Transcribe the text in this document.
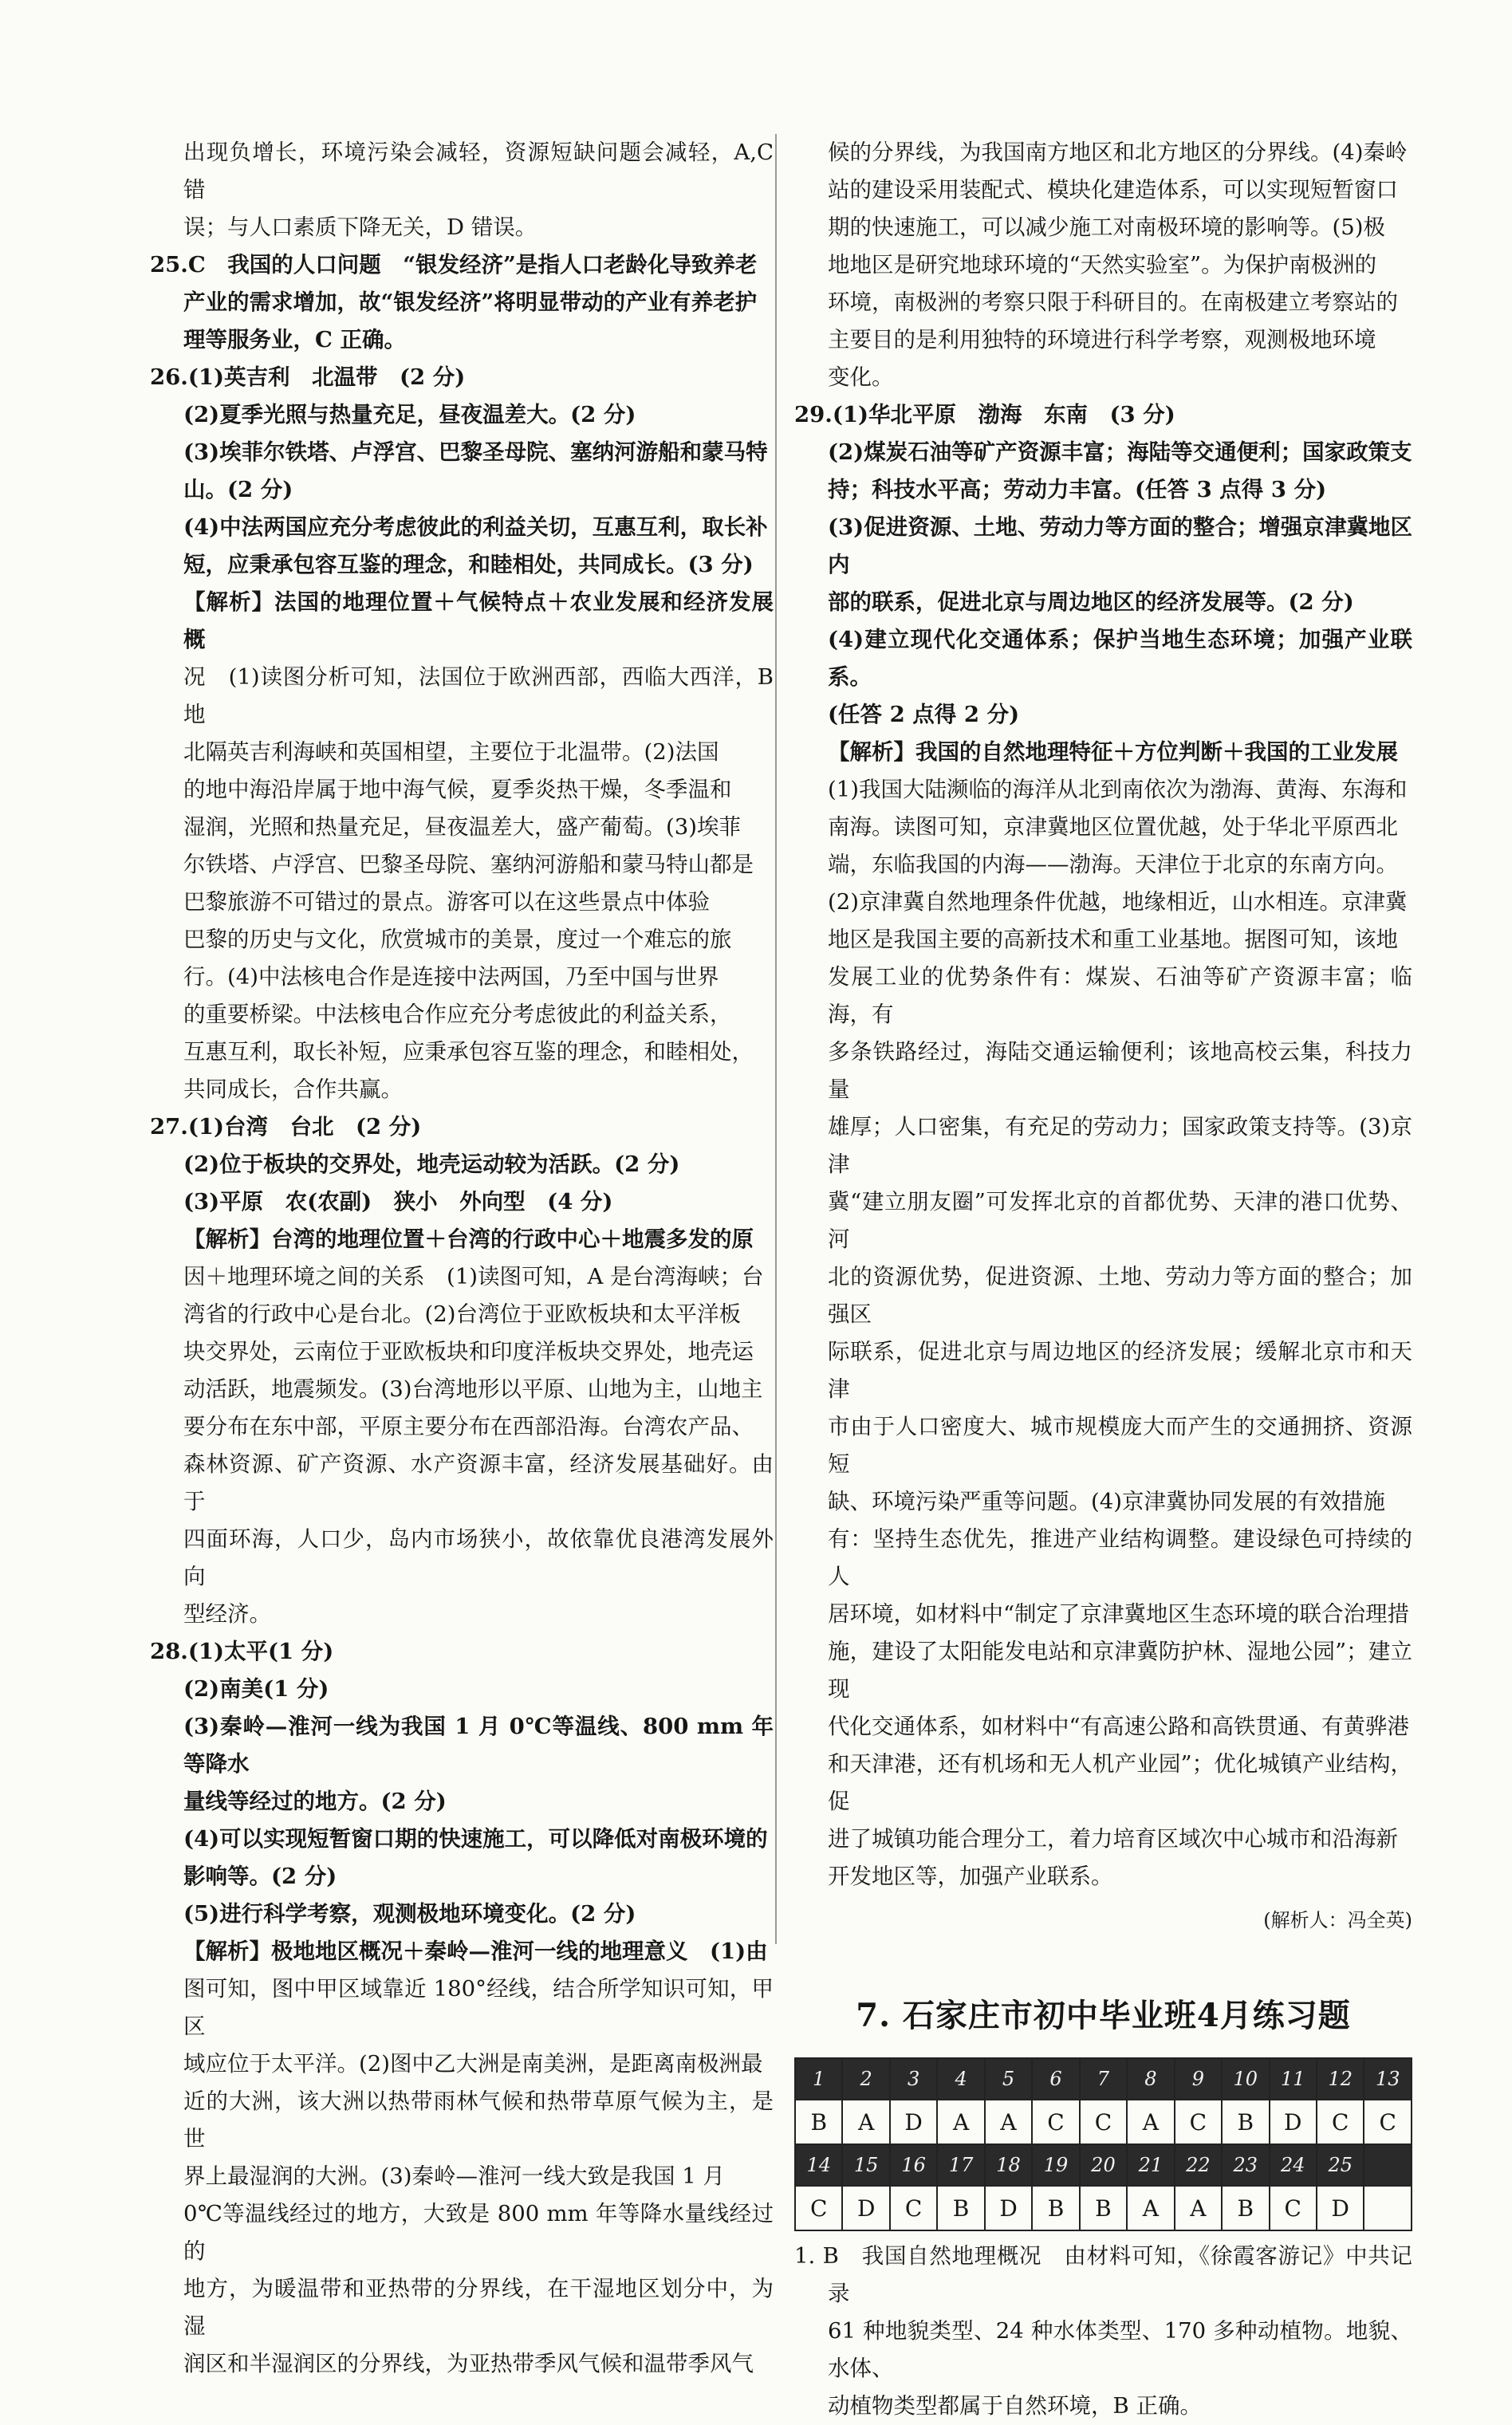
出现负增长，环境污染会减轻，资源短缺问题会减轻，A,C 错

误；与人口素质下降无关，D 错误。

25.C　我国的人口问题　“银发经济”是指人口老龄化导致养老

产业的需求增加，故“银发经济”将明显带动的产业有养老护

理等服务业，C 正确。

26.(1)英吉利　北温带　(2 分)

(2)夏季光照与热量充足，昼夜温差大。(2 分)

(3)埃菲尔铁塔、卢浮宫、巴黎圣母院、塞纳河游船和蒙马特

山。(2 分)

(4)中法两国应充分考虑彼此的利益关切，互惠互利，取长补

短，应秉承包容互鉴的理念，和睦相处，共同成长。(3 分)

【解析】法国的地理位置＋气候特点＋农业发展和经济发展概

况　(1)读图分析可知，法国位于欧洲西部，西临大西洋，B 地

北隔英吉利海峡和英国相望，主要位于北温带。(2)法国

的地中海沿岸属于地中海气候，夏季炎热干燥，冬季温和

湿润，光照和热量充足，昼夜温差大，盛产葡萄。(3)埃菲

尔铁塔、卢浮宫、巴黎圣母院、塞纳河游船和蒙马特山都是

巴黎旅游不可错过的景点。游客可以在这些景点中体验

巴黎的历史与文化，欣赏城市的美景，度过一个难忘的旅

行。(4)中法核电合作是连接中法两国，乃至中国与世界

的重要桥梁。中法核电合作应充分考虑彼此的利益关系，

互惠互利，取长补短，应秉承包容互鉴的理念，和睦相处，

共同成长，合作共赢。

27.(1)台湾　台北　(2 分)

(2)位于板块的交界处，地壳运动较为活跃。(2 分)

(3)平原　农(农副)　狭小　外向型　(4 分)

【解析】台湾的地理位置＋台湾的行政中心＋地震多发的原

因＋地理环境之间的关系　(1)读图可知，A 是台湾海峡；台

湾省的行政中心是台北。(2)台湾位于亚欧板块和太平洋板

块交界处，云南位于亚欧板块和印度洋板块交界处，地壳运

动活跃，地震频发。(3)台湾地形以平原、山地为主，山地主

要分布在东中部，平原主要分布在西部沿海。台湾农产品、

森林资源、矿产资源、水产资源丰富，经济发展基础好。由于

四面环海，人口少，岛内市场狭小，故依靠优良港湾发展外向

型经济。

28.(1)太平(1 分)

(2)南美(1 分)

(3)秦岭—淮河一线为我国 1 月 0℃等温线、800 mm 年等降水

量线等经过的地方。(2 分)

(4)可以实现短暂窗口期的快速施工，可以降低对南极环境的

影响等。(2 分)

(5)进行科学考察，观测极地环境变化。(2 分)

【解析】极地地区概况＋秦岭—淮河一线的地理意义　(1)由

图可知，图中甲区域靠近 180°经线，结合所学知识可知，甲区

域应位于太平洋。(2)图中乙大洲是南美洲，是距离南极洲最

近的大洲，该大洲以热带雨林气候和热带草原气候为主，是世

界上最湿润的大洲。(3)秦岭—淮河一线大致是我国 1 月

0℃等温线经过的地方，大致是 800 mm 年等降水量线经过的

地方，为暖温带和亚热带的分界线，在干湿地区划分中，为湿

润区和半湿润区的分界线，为亚热带季风气候和温带季风气

候的分界线，为我国南方地区和北方地区的分界线。(4)秦岭

站的建设采用装配式、模块化建造体系，可以实现短暂窗口

期的快速施工，可以减少施工对南极环境的影响等。(5)极

地地区是研究地球环境的“天然实验室”。为保护南极洲的

环境，南极洲的考察只限于科研目的。在南极建立考察站的

主要目的是利用独特的环境进行科学考察，观测极地环境

变化。

29.(1)华北平原　渤海　东南　(3 分)

(2)煤炭石油等矿产资源丰富；海陆等交通便利；国家政策支

持；科技水平高；劳动力丰富。(任答 3 点得 3 分)

(3)促进资源、土地、劳动力等方面的整合；增强京津冀地区内

部的联系，促进北京与周边地区的经济发展等。(2 分)

(4)建立现代化交通体系；保护当地生态环境；加强产业联系。

(任答 2 点得 2 分)

【解析】我国的自然地理特征＋方位判断＋我国的工业发展

(1)我国大陆濒临的海洋从北到南依次为渤海、黄海、东海和

南海。读图可知，京津冀地区位置优越，处于华北平原西北

端，东临我国的内海——渤海。天津位于北京的东南方向。

(2)京津冀自然地理条件优越，地缘相近，山水相连。京津冀

地区是我国主要的高新技术和重工业基地。据图可知，该地

发展工业的优势条件有：煤炭、石油等矿产资源丰富；临海，有

多条铁路经过，海陆交通运输便利；该地高校云集，科技力量

雄厚；人口密集，有充足的劳动力；国家政策支持等。(3)京津

冀“建立朋友圈”可发挥北京的首都优势、天津的港口优势、河

北的资源优势，促进资源、土地、劳动力等方面的整合；加强区

际联系，促进北京与周边地区的经济发展；缓解北京市和天津

市由于人口密度大、城市规模庞大而产生的交通拥挤、资源短

缺、环境污染严重等问题。(4)京津冀协同发展的有效措施

有：坚持生态优先，推进产业结构调整。建设绿色可持续的人

居环境，如材料中“制定了京津冀地区生态环境的联合治理措

施，建设了太阳能发电站和京津冀防护林、湿地公园”；建立现

代化交通体系，如材料中“有高速公路和高铁贯通、有黄骅港

和天津港，还有机场和无人机产业园”；优化城镇产业结构，促

进了城镇功能合理分工，着力培育区域次中心城市和沿海新

开发地区等，加强产业联系。

(解析人：冯全英)
7. 石家庄市初中毕业班4月练习题
1	2	3	4	5	6	7	8	9	10	11	12	13
B	A	D	A	A	C	C	A	C	B	D	C	C
14	15	16	17	18	19	20	21	22	23	24	25	
C	D	C	B	D	B	B	A	A	B	C	D	

1. B　我国自然地理概况　由材料可知，《徐霞客游记》中共记录

61 种地貌类型、24 种水体类型、170 多种动植物。地貌、水体、

动植物类型都属于自然环境，B 正确。
